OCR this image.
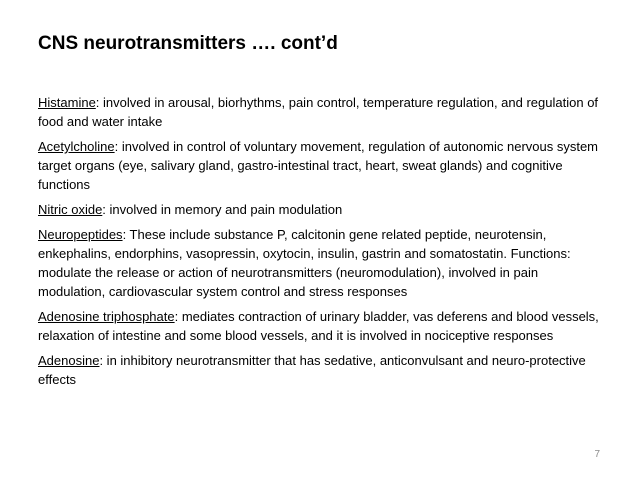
CNS neurotransmitters …. cont’d

Histamine: involved in arousal, biorhythms, pain control, temperature regulation, and regulation of food and water intake

Acetylcholine: involved in control of voluntary movement, regulation of autonomic nervous system target organs (eye, salivary gland, gastro-intestinal tract, heart, sweat glands) and cognitive functions

Nitric oxide: involved in memory and pain modulation

Neuropeptides: These include substance P, calcitonin gene related peptide, neurotensin, enkephalins, endorphins, vasopressin, oxytocin, insulin, gastrin and somatostatin. Functions: modulate the release or action of neurotransmitters (neuromodulation), involved in pain modulation, cardiovascular system control and stress responses

Adenosine triphosphate: mediates contraction of urinary bladder, vas deferens and blood vessels, relaxation of intestine and some blood vessels, and it is involved in nociceptive responses

Adenosine: in inhibitory neurotransmitter that has sedative, anticonvulsant and neuro-protective effects

7
